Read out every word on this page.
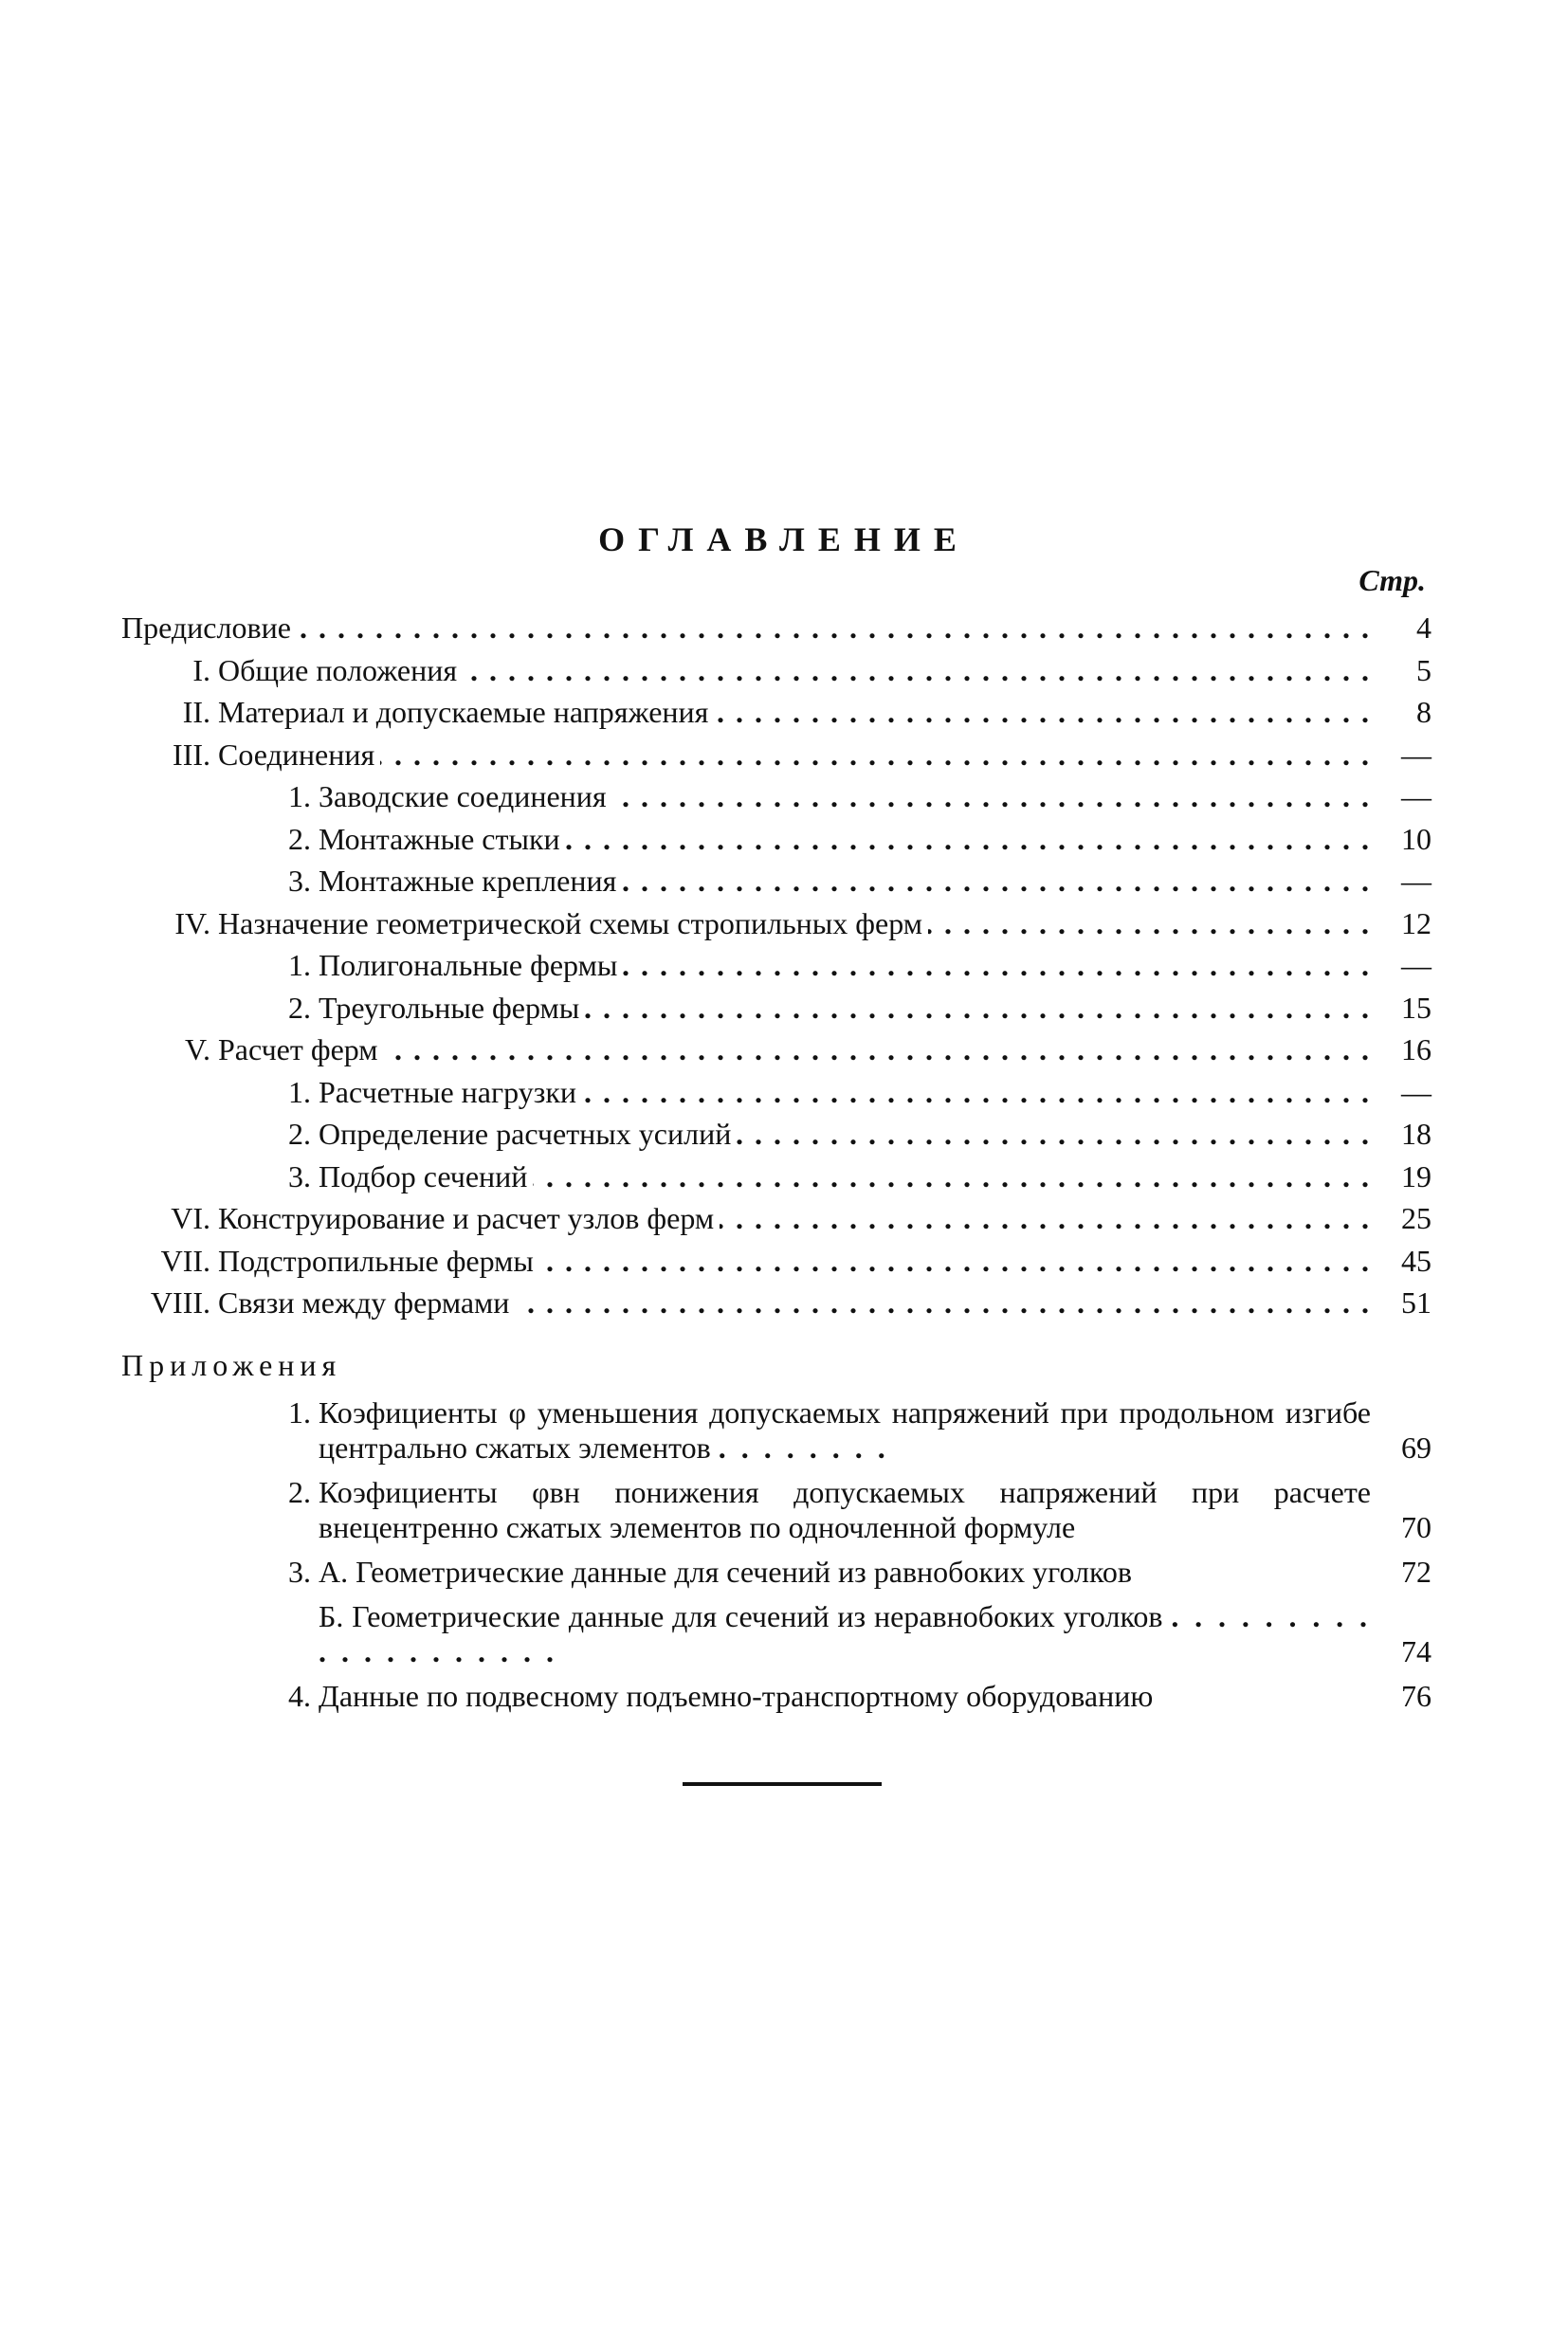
ОГЛАВЛЕНИЕ
Стр.
Предисловие . . .	4
I. Общие положения . . .	5
II. Материал и допускаемые напряжения . . .	8
III. Соединения . . .	—
1. Заводские соединения . . .	—
2. Монтажные стыки . . .	10
3. Монтажные крепления . . .	—
IV. Назначение геометрической схемы стропильных ферм . . .	12
1. Полигональные фермы . . .	—
2. Треугольные фермы . . .	15
V. Расчет ферм . . .	16
1. Расчетные нагрузки . . .	—
2. Определение расчетных усилий . . .	18
3. Подбор сечений . . .	19
VI. Конструирование и расчет узлов ферм . . .	25
VII. Подстропильные фермы . . .	45
VIII. Связи между фермами . . .	51
Приложения
1. Коэфициенты φ уменьшения допускаемых напряжений при продольном изгибе центрально сжатых элементов . . . . . . . .	69
2. Коэфициенты φвн понижения допускаемых напряжений при расчете внецентренно сжатых элементов по одночленной формуле	70
3. А. Геометрические данные для сечений из равнобоких уголков	72
Б. Геометрические данные для сечений из неравнобоких уголков . . . . . . . . . . . . . . . . . . . .	74
4. Данные по подвесному подъемно-транспортному оборудованию	76
